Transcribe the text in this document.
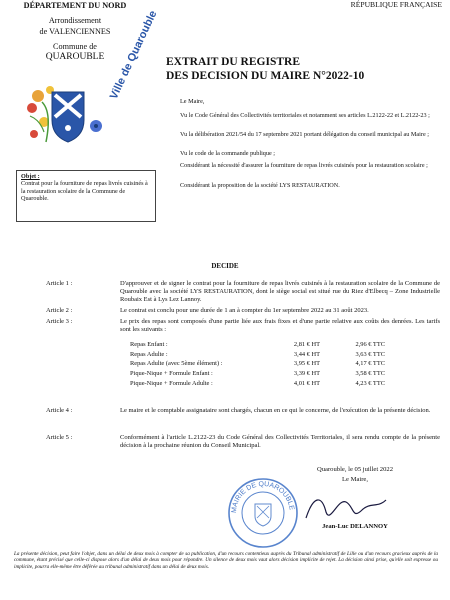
DÉPARTEMENT DU NORD
Arrondissement
de VALENCIENNES
Commune de
QUAROUBLE
RÉPUBLIQUE FRANÇAISE
Ville de Quarouble EXTRAIT DU REGISTRE
DES DECISION DU MAIRE N°2022-10
Le Maire,
Vu le Code Général des Collectivités territoriales et notamment ses articles L.2122-22 et L.2122-23 ;
Vu la délibération 2021/54 du 17 septembre 2021 portant délégation du conseil municipal au Maire ;
Vu le code de la commande publique ;
Considérant la nécessité d'assurer la fourniture de repas livrés cuisinés pour la restauration scolaire ;
Considérant la proposition de la société LYS RESTAURATION.
Objet :
Contrat pour la fourniture de repas livrés cuisinés à la restauration scolaire de la Commune de Quarouble.
DECIDE
Article 1 :	D'approuver et de signer le contrat pour la fourniture de repas livrés cuisinés à la restauration scolaire de la Commune de Quarouble avec la société LYS RESTAURATION, dont le siège social est situé rue du Riez d'Elbecq – Zone Industrielle Roubaix Est à Lys Lez Lannoy.
Article 2 :	Le contrat est conclu pour une durée de 1 an à compter du 1er septembre 2022 au 31 août 2023.
Article 3 :	Le prix des repas sont composés d'une partie liée aux frais fixes et d'une partie relative aux coûts des denrées. Les tarifs sont les suivants :
Repas Enfant :	2,81 € HT	2,96 € TTC
Repas Adulte :	3,44 € HT	3,63 € TTC
Repas Adulte (avec 5ème élément) :	3,95 € HT	4,17 € TTC
Pique-Nique + Formule Enfant :	3,39 € HT	3,58 € TTC
Pique-Nique + Formule Adulte :	4,01 € HT	4,23 € TTC
Article 4 :	Le maire et le comptable assignataire sont chargés, chacun en ce qui le concerne, de l'exécution de la présente décision.
Article 5 :	Conformément à l'article L.2122-23 du Code Général des Collectivités Territoriales, il sera rendu compte de la présente décision à la prochaine réunion du Conseil Municipal.
Quarouble, le 05 juillet 2022
Le Maire,
MAIRIE DE QUAROUBLE
Jean-Luc DELANNOY
La présente décision, peut faire l'objet, dans un délai de deux mois à compter de sa publication, d'un recours contentieux auprès du Tribunal administratif de Lille ou d'un recours gracieux auprès de la commune, étant précisé que celle-ci dispose alors d'un délai de deux mois pour répondre. Un silence de deux mois vaut alors décision implicite de rejet. La décision ainsi prise, qu'elle soit expresse ou implicite, pourra elle-même être déférée au tribunal administratif dans un délai de deux mois.
